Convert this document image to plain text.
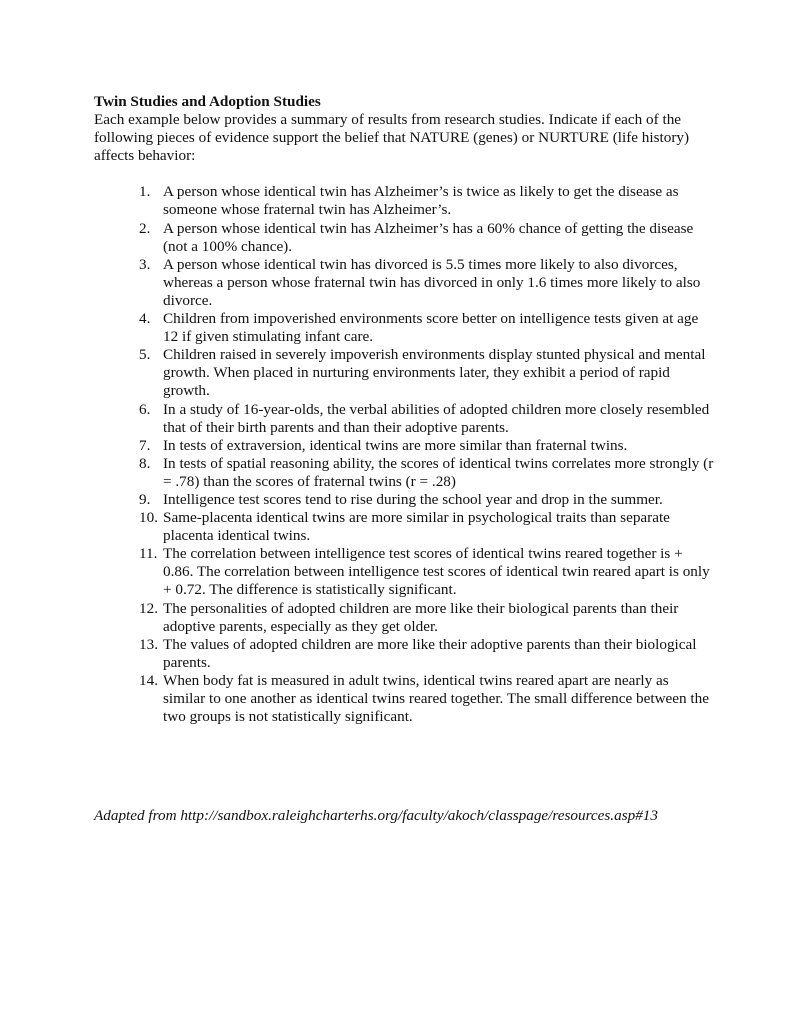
Twin Studies and Adoption Studies

Each example below provides a summary of results from research studies. Indicate if each of the following pieces of evidence support the belief that NATURE (genes) or NURTURE (life history) affects behavior:

1. A person whose identical twin has Alzheimer’s is twice as likely to get the disease as someone whose fraternal twin has Alzheimer’s.
2. A person whose identical twin has Alzheimer’s has a 60% chance of getting the disease (not a 100% chance).
3. A person whose identical twin has divorced is 5.5 times more likely to also divorces, whereas a person whose fraternal twin has divorced in only 1.6 times more likely to also divorce.
4. Children from impoverished environments score better on intelligence tests given at age 12 if given stimulating infant care.
5. Children raised in severely impoverish environments display stunted physical and mental growth. When placed in nurturing environments later, they exhibit a period of rapid growth.
6. In a study of 16-year-olds, the verbal abilities of adopted children more closely resembled that of their birth parents and than their adoptive parents.
7. In tests of extraversion, identical twins are more similar than fraternal twins.
8. In tests of spatial reasoning ability, the scores of identical twins correlates more strongly (r = .78) than the scores of fraternal twins (r = .28)
9. Intelligence test scores tend to rise during the school year and drop in the summer.
10. Same-placenta identical twins are more similar in psychological traits than separate placenta identical twins.
11. The correlation between intelligence test scores of identical twins reared together is + 0.86. The correlation between intelligence test scores of identical twin reared apart is only + 0.72. The difference is statistically significant.
12. The personalities of adopted children are more like their biological parents than their adoptive parents, especially as they get older.
13. The values of adopted children are more like their adoptive parents than their biological parents.
14. When body fat is measured in adult twins, identical twins reared apart are nearly as similar to one another as identical twins reared together. The small difference between the two groups is not statistically significant.

Adapted from http://sandbox.raleighcharterhs.org/faculty/akoch/classpage/resources.asp#13
